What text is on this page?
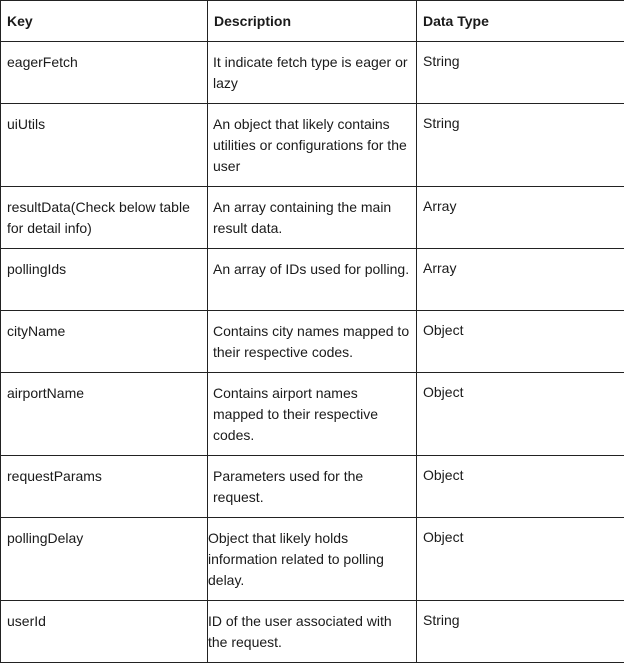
Key	Description	Data Type
eagerFetch	It indicate fetch type is eager or lazy	String
uiUtils	An object that likely contains utilities or configurations for the user	String
resultData(Check below table for detail info)	An array containing the main result data.	Array
pollingIds	An array of IDs used for polling.	Array
cityName	Contains city names mapped to their respective codes.	Object
airportName	Contains airport names mapped to their respective codes.	Object
requestParams	Parameters used for the request.	Object
pollingDelay	Object that likely holds information related to polling delay.	Object
userId	ID of the user associated with the request.	String
